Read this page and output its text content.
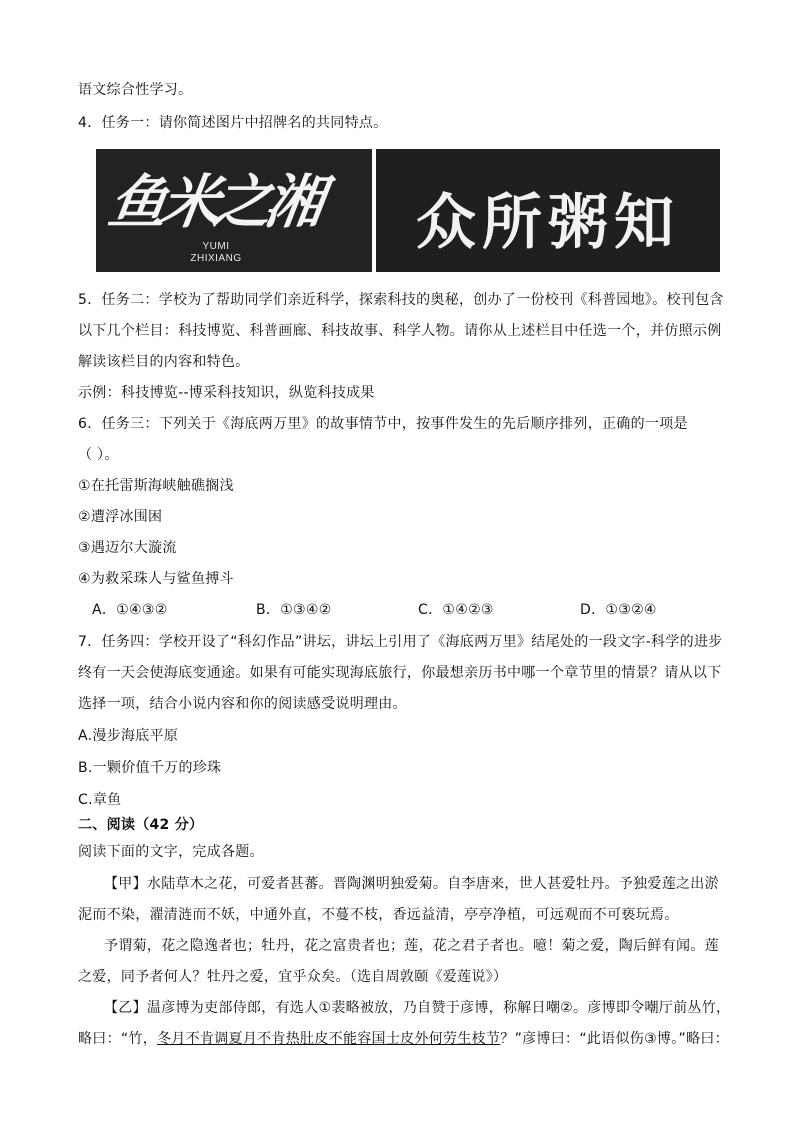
语文综合性学习。
4．任务一：请你简述图片中招牌名的共同特点。
鱼米之湘
YUMI
ZHIXIANG
众所粥知
5．任务二：学校为了帮助同学们亲近科学，探索科技的奥秘，创办了一份校刊《科普园地》。校刊包含
以下几个栏目：科技博览、科普画廊、科技故事、科学人物。请你从上述栏目中任选一个，并仿照示例
解读该栏目的内容和特色。
示例：科技博览--博采科技知识，纵览科技成果
6．任务三：下列关于《海底两万里》的故事情节中，按事件发生的先后顺序排列，正确的一项是
（ ）。
①在托雷斯海峡触礁搁浅
②遭浮冰围困
③遇迈尔大漩流
④为救采珠人与鲨鱼搏斗
A．①④③②	B．①③④②	C．①④②③	D．①③②④
7．任务四：学校开设了“科幻作品”讲坛，讲坛上引用了《海底两万里》结尾处的一段文字-科学的进步
终有一天会使海底变通途。如果有可能实现海底旅行，你最想亲历书中哪一个章节里的情景？请从以下
选择一项，结合小说内容和你的阅读感受说明理由。
A.漫步海底平原
B.一颗价值千万的珍珠
C.章鱼
二、阅读（42 分）
阅读下面的文字，完成各题。
【甲】水陆草木之花，可爱者甚蕃。晋陶渊明独爱菊。自李唐来，世人甚爱牡丹。予独爱莲之出淤
泥而不染，濯清涟而不妖，中通外直，不蔓不枝，香远益清，亭亭净植，可远观而不可亵玩焉。
予谓菊，花之隐逸者也；牡丹，花之富贵者也；莲，花之君子者也。噫！菊之爱，陶后鲜有闻。莲
之爱，同予者何人？牡丹之爱，宜乎众矣。（选自周敦颐《爱莲说》）
【乙】温彦博为吏部侍郎，有选人①裴略被放，乃自赞于彦博，称解日嘲②。彦博即令嘲厅前丛竹，
略曰：“竹，冬月不肯调夏月不肯热肚皮不能容国士皮外何劳生枝节？”彦博曰：“此语似伤③博。”略曰：
